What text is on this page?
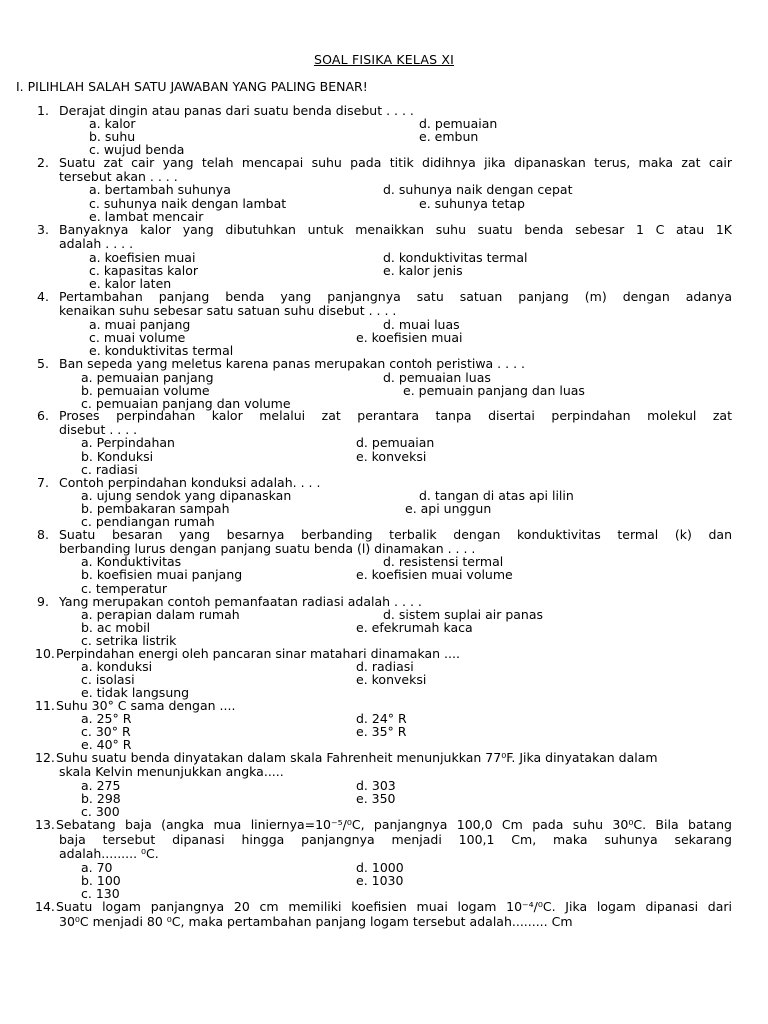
SOAL FISIKA KELAS XI
I. PILIHLAH SALAH SATU JAWABAN YANG PALING BENAR!
1. Derajat dingin atau panas dari suatu benda disebut . . . .
a. kalor	d. pemuaian
b. suhu	e. embun
c. wujud benda
2. Suatu zat cair yang telah mencapai suhu pada titik didihnya jika dipanaskan terus, maka zat cair
tersebut akan . . . .
a. bertambah suhunya	d. suhunya naik dengan cepat
c. suhunya naik dengan lambat	e. suhunya tetap
e. lambat mencair
3. Banyaknya kalor yang dibutuhkan untuk menaikkan suhu suatu benda sebesar 1 C atau 1K
adalah . . . .
a. koefisien muai	d. konduktivitas termal
c. kapasitas kalor	e. kalor jenis
e. kalor laten
4. Pertambahan panjang benda yang panjangnya satu satuan panjang (m) dengan adanya
kenaikan suhu sebesar satu satuan suhu disebut . . . .
a. muai panjang	d. muai luas
c. muai volume	e. koefisien muai
e. konduktivitas termal
5. Ban sepeda yang meletus karena panas merupakan contoh peristiwa . . . .
a. pemuaian panjang	d. pemuaian luas
b. pemuaian volume	e. pemuain panjang dan luas
c. pemuaian panjang dan volume
6. Proses perpindahan kalor melalui zat perantara tanpa disertai perpindahan molekul zat
disebut . . . .
a. Perpindahan	d. pemuaian
b. Konduksi	e. konveksi
c. radiasi
7. Contoh perpindahan konduksi adalah. . . .
a. ujung sendok yang dipanaskan	d. tangan di atas api lilin
b. pembakaran sampah	e. api unggun
c. pendiangan rumah
8. Suatu besaran yang besarnya berbanding terbalik dengan konduktivitas termal (k) dan
berbanding lurus dengan panjang suatu benda (l) dinamakan . . . .
a. Konduktivitas	d. resistensi termal
b. koefisien muai panjang	e. koefisien muai volume
c. temperatur
9. Yang merupakan contoh pemanfaatan radiasi adalah . . . .
a. perapian dalam rumah	d. sistem suplai air panas
b. ac mobil	e. efekrumah kaca
c. setrika listrik
10. Perpindahan energi oleh pancaran sinar matahari dinamakan ....
a. konduksi	d. radiasi
c. isolasi	e. konveksi
e. tidak langsung
11. Suhu 30° C sama dengan ....
a. 25° R	d. 24° R
c. 30° R	e. 35° R
e. 40° R
12. Suhu suatu benda dinyatakan dalam skala Fahrenheit menunjukkan 77⁰F. Jika dinyatakan dalam
skala Kelvin menunjukkan angka.....
a. 275	d. 303
b. 298	e. 350
c. 300
13. Sebatang baja (angka mua liniernya=10⁻⁵/⁰C, panjangnya 100,0 Cm pada suhu 30⁰C. Bila batang
baja tersebut dipanasi hingga panjangnya menjadi 100,1 Cm, maka suhunya sekarang
adalah......... ⁰C.
a. 70	d. 1000
b. 100	e. 1030
c. 130
14. Suatu logam panjangnya 20 cm memiliki koefisien muai logam 10⁻⁴/⁰C. Jika logam dipanasi dari
30⁰C menjadi 80 ⁰C, maka pertambahan panjang logam tersebut adalah......... Cm
